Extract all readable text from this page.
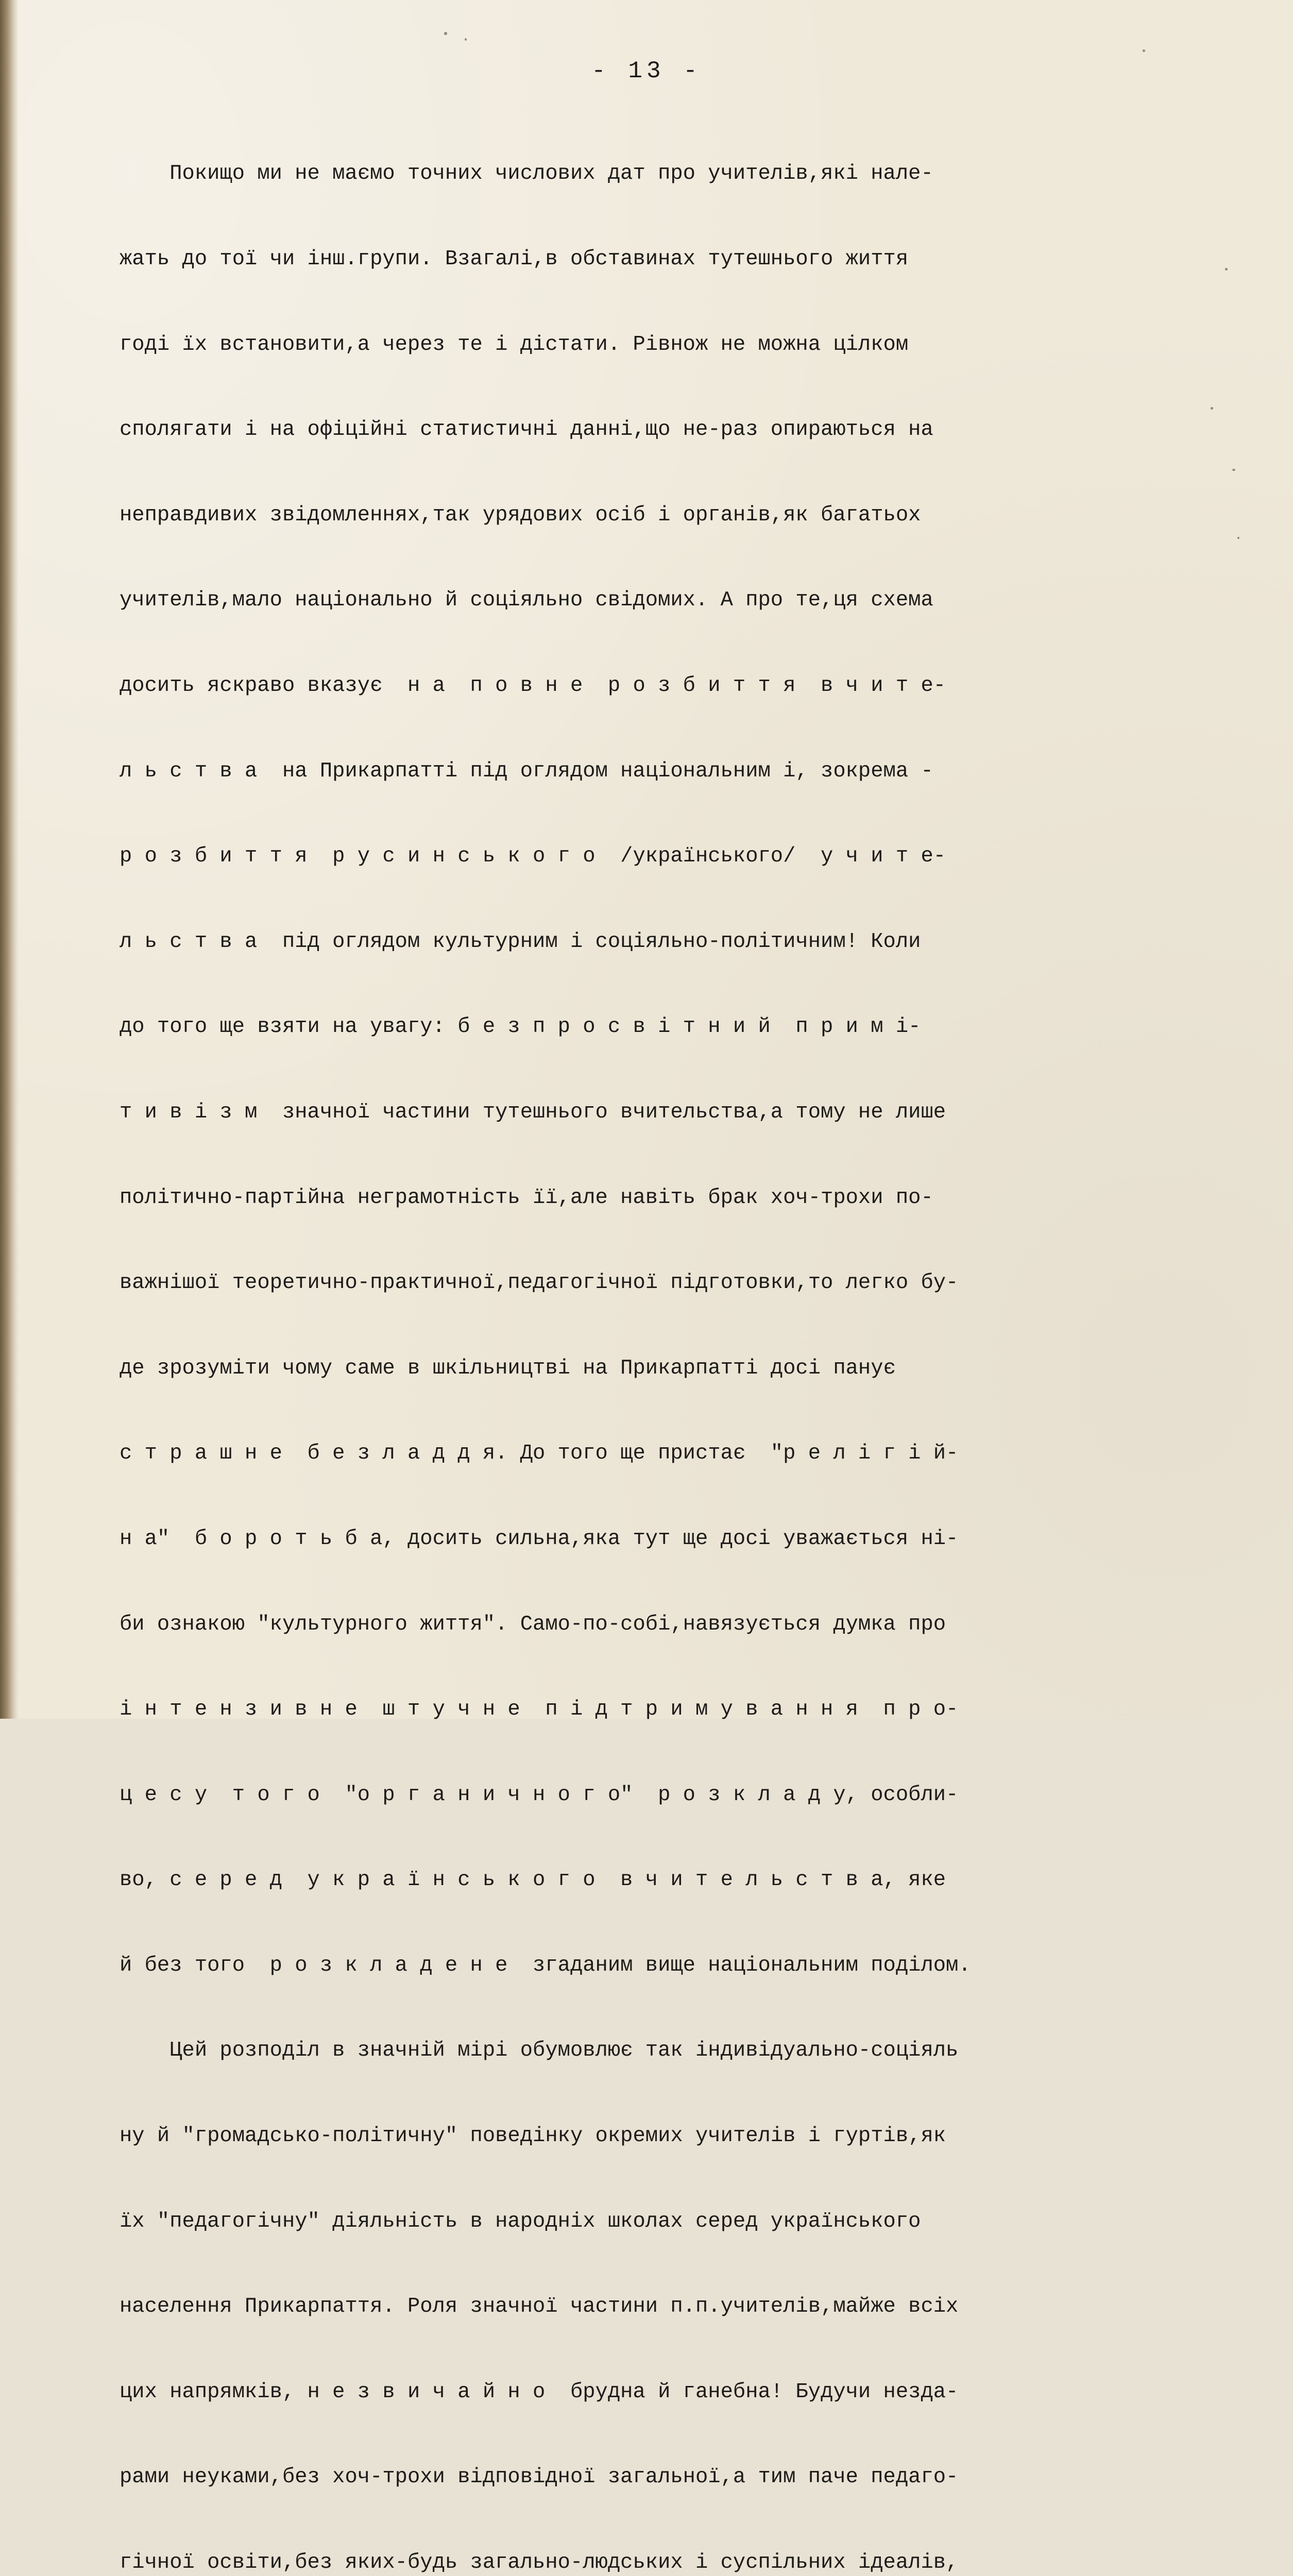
- 13 -

Покищо ми не маємо точних числових дат про учителів,які нале-

жать до тої чи інш.групи. Взагалі,в обставинах тутешнього життя

годі їх встановити,а через те і дістати. Рівнож не можна цілком

сполягати і на офіційні статистичні данні,що не-раз опираються на

неправдивих звідомленнях,так урядових осіб і органів,як багатьох

учителів,мало національно й соціяльно свідомих. А про те,ця схема

досить яскраво вказує  н а  п о в н е  р о з б и т т я  в ч и т е-

л ь с т в а  на Прикарпатті під оглядом національним і, зокрема -

р о з б и т т я  р у с и н с ь к о г о  /українського/  у ч и т е-

л ь с т в а  під оглядом культурним і соціяльно-політичним! Коли

до того ще взяти на увагу: б е з п р о с в і т н и й  п р и м і-

т и в і з м  значної частини тутешнього вчительства,а тому не лише

політично-партійна неграмотність її,але навіть брак хоч-трохи по-

важнішої теоретично-практичної,педагогічної підготовки,то легко бу-

де зрозуміти чому саме в шкільництві на Прикарпатті досі панує

с т р а ш н е  б е з л а д д я. До того ще пристає  "р е л і г і й-

н а"  б о р о т ь б а, досить сильна,яка тут ще досі уважається ні-

би ознакою "культурного життя". Само-по-собі,навязується думка про

і н т е н з и в н е  ш т у ч н е  п і д т р и м у в а н н я  п р о-

ц е с у  т о г о  "о р г а н и ч н о г о"  р о з к л а д у, особли-

во, с е р е д  у к р а ї н с ь к о г о  в ч и т е л ь с т в а, яке

й без того  р о з к л а д е н е  згаданим вище національним поділом.

Цей розподіл в значній мірі обумовлює так індивідуально-соціяль

ну й "громадсько-політичну" поведінку окремих учителів і гуртів,як

їх "педагогічну" діяльність в народніх школах серед українського

населення Прикарпаття. Роля значної частини п.п.учителів,майже всіх

цих напрямків, н е з в и ч а й н о  брудна й ганебна! Будучи нездa-

рами неуками,без хоч-трохи відповідної загальної,а тим паче педаго-

гічної освіти,без яких-будь загально-людських і суспільних ідеалів,
